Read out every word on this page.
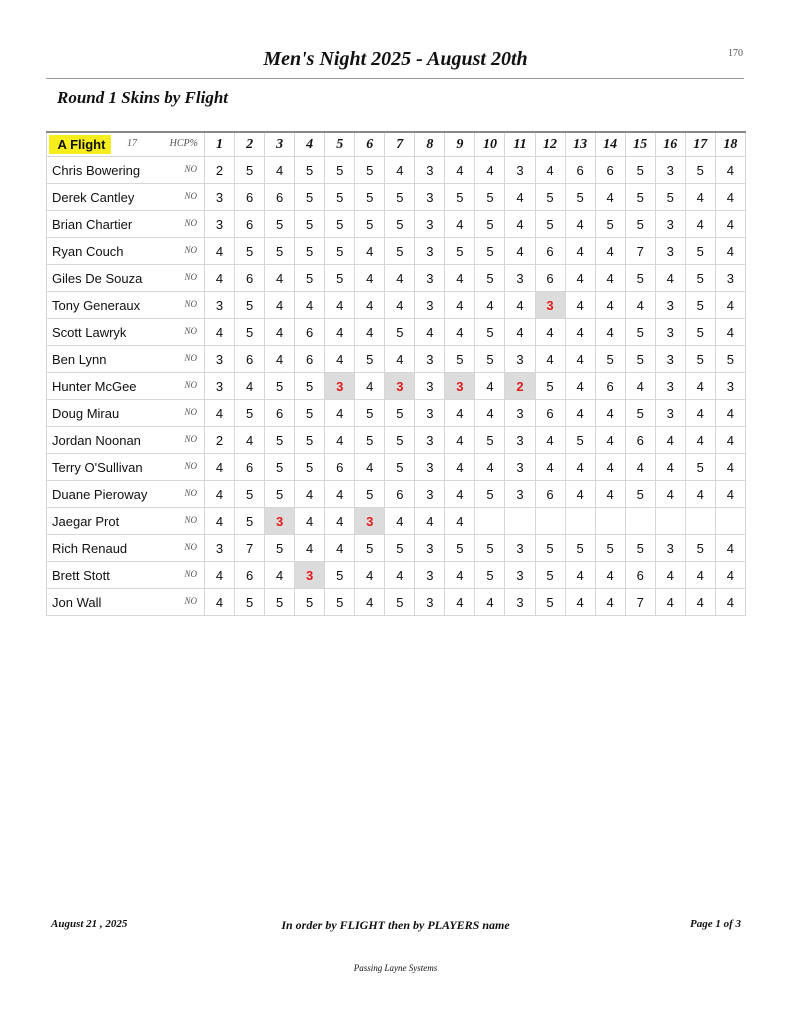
Men's Night 2025 - August 20th	170
Round 1 Skins by Flight
A Flight 17 HCP%	1	2	3	4	5	6	7	8	9	10	11	12	13	14	15	16	17	18
Chris Bowering NO	2	5	4	5	5	5	4	3	4	4	3	4	6	6	5	3	5	4
Derek Cantley NO	3	6	6	5	5	5	5	3	5	5	4	5	5	4	5	5	4	4
Brian Chartier NO	3	6	5	5	5	5	5	3	4	5	4	5	4	5	5	3	4	4
Ryan Couch NO	4	5	5	5	5	4	5	3	5	5	4	6	4	4	7	3	5	4
Giles De Souza NO	4	6	4	5	5	4	4	3	4	5	3	6	4	4	5	4	5	3
Tony Generaux NO	3	5	4	4	4	4	4	3	4	4	4	3	4	4	4	3	5	4
Scott Lawryk NO	4	5	4	6	4	4	5	4	4	5	4	4	4	4	5	3	5	4
Ben Lynn NO	3	6	4	6	4	5	4	3	5	5	3	4	4	5	5	3	5	5
Hunter McGee NO	3	4	5	5	3	4	3	3	3	4	2	5	4	6	4	3	4	3
Doug Mirau NO	4	5	6	5	4	5	5	3	4	4	3	6	4	4	5	3	4	4
Jordan Noonan NO	2	4	5	5	4	5	5	3	4	5	3	4	5	4	6	4	4	4
Terry O'Sullivan NO	4	6	5	5	6	4	5	3	4	4	3	4	4	4	4	4	5	4
Duane Pieroway NO	4	5	5	4	4	5	6	3	4	5	3	6	4	4	5	4	4	4
Jaegar Prot NO	4	5	3	4	4	3	4	4	4									
Rich Renaud NO	3	7	5	4	4	5	5	3	5	5	3	5	5	5	5	3	5	4
Brett Stott NO	4	6	4	3	5	4	4	3	4	5	3	5	4	4	6	4	4	4
Jon Wall NO	4	5	5	5	5	4	5	3	4	4	3	5	4	4	7	4	4	4
August 21 , 2025	In order by FLIGHT then by PLAYERS name	Page 1 of 3
Passing Layne Systems
